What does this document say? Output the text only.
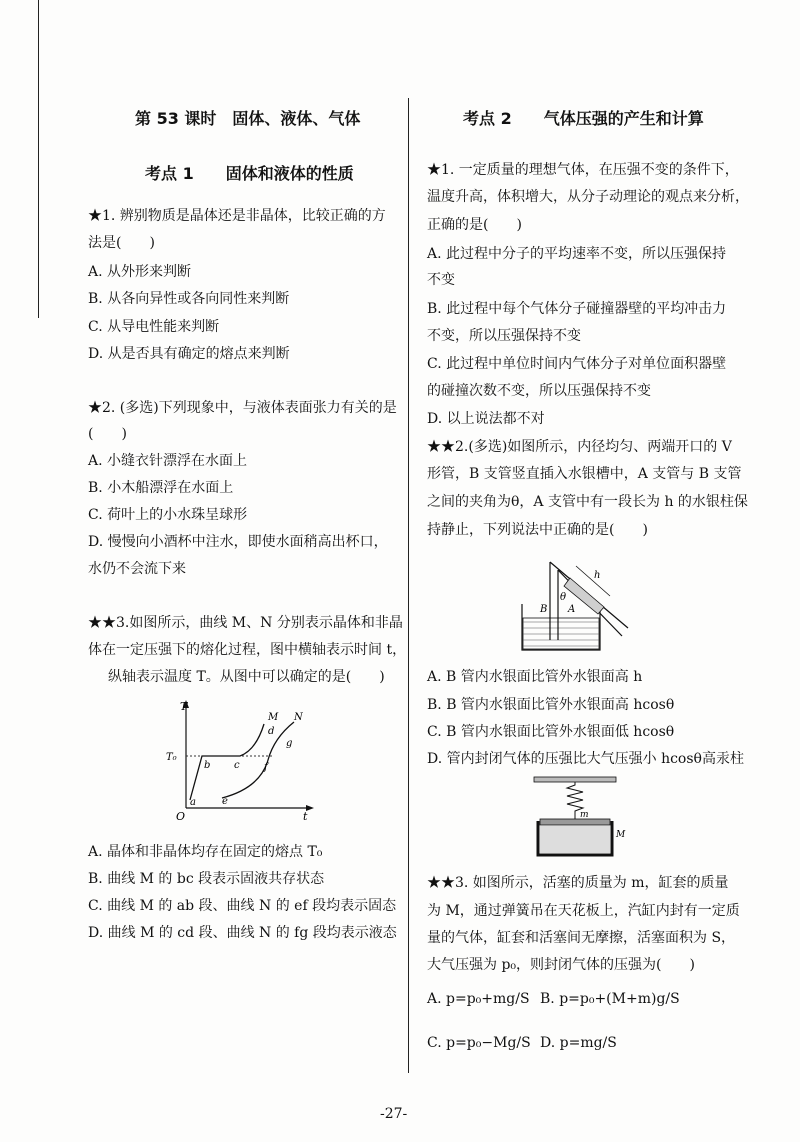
第 53 课时　固体、液体、气体
考点 1　　固体和液体的性质
★1. 辨别物质是晶体还是非晶体，比较正确的方
法是(　　)
A. 从外形来判断
B. 从各向异性或各向同性来判断
C. 从导电性能来判断
D. 从是否具有确定的熔点来判断
★2. (多选)下列现象中，与液体表面张力有关的是
(　　)
A. 小缝衣针漂浮在水面上
B. 小木船漂浮在水面上
C. 荷叶上的小水珠呈球形
D. 慢慢向小酒杯中注水，即使水面稍高出杯口，
水仍不会流下来
★★3.如图所示，曲线 M、N 分别表示晶体和非晶
体在一定压强下的熔化过程，图中横轴表示时间 t，
纵轴表示温度 T。从图中可以确定的是(　　)
T
t
O
T₀
a
b c
d
M N
e
f
g
A. 晶体和非晶体均存在固定的熔点 T₀
B. 曲线 M 的 bc 段表示固液共存状态
C. 曲线 M 的 ab 段、曲线 N 的 ef 段均表示固态
D. 曲线 M 的 cd 段、曲线 N 的 fg 段均表示液态
考点 2　　气体压强的产生和计算
★1. 一定质量的理想气体，在压强不变的条件下，
温度升高，体积增大，从分子动理论的观点来分析，
正确的是(　　)
A. 此过程中分子的平均速率不变，所以压强保持
不变
B. 此过程中每个气体分子碰撞器壁的平均冲击力
不变，所以压强保持不变
C. 此过程中单位时间内气体分子对单位面积器壁
的碰撞次数不变，所以压强保持不变
D. 以上说法都不对
★★2.(多选)如图所示，内径均匀、两端开口的 V
形管，B 支管竖直插入水银槽中，A 支管与 B 支管
之间的夹角为θ，A 支管中有一段长为 h 的水银柱保
持静止，下列说法中正确的是(　　)
B A
θ
h
A. B 管内水银面比管外水银面高 h
B. B 管内水银面比管外水银面高 hcosθ
C. B 管内水银面比管外水银面低 hcosθ
D. 管内封闭气体的压强比大气压强小 hcosθ高汞柱
m
M
★★3. 如图所示，活塞的质量为 m，缸套的质量
为 M，通过弹簧吊在天花板上，汽缸内封有一定质
量的气体，缸套和活塞间无摩擦，活塞面积为 S，
大气压强为 p₀，则封闭气体的压强为(　　)
A. p=p₀+mg/S B. p=p₀+(M+m)g/S
C. p=p₀−Mg/S D. p=mg/S
-27-
